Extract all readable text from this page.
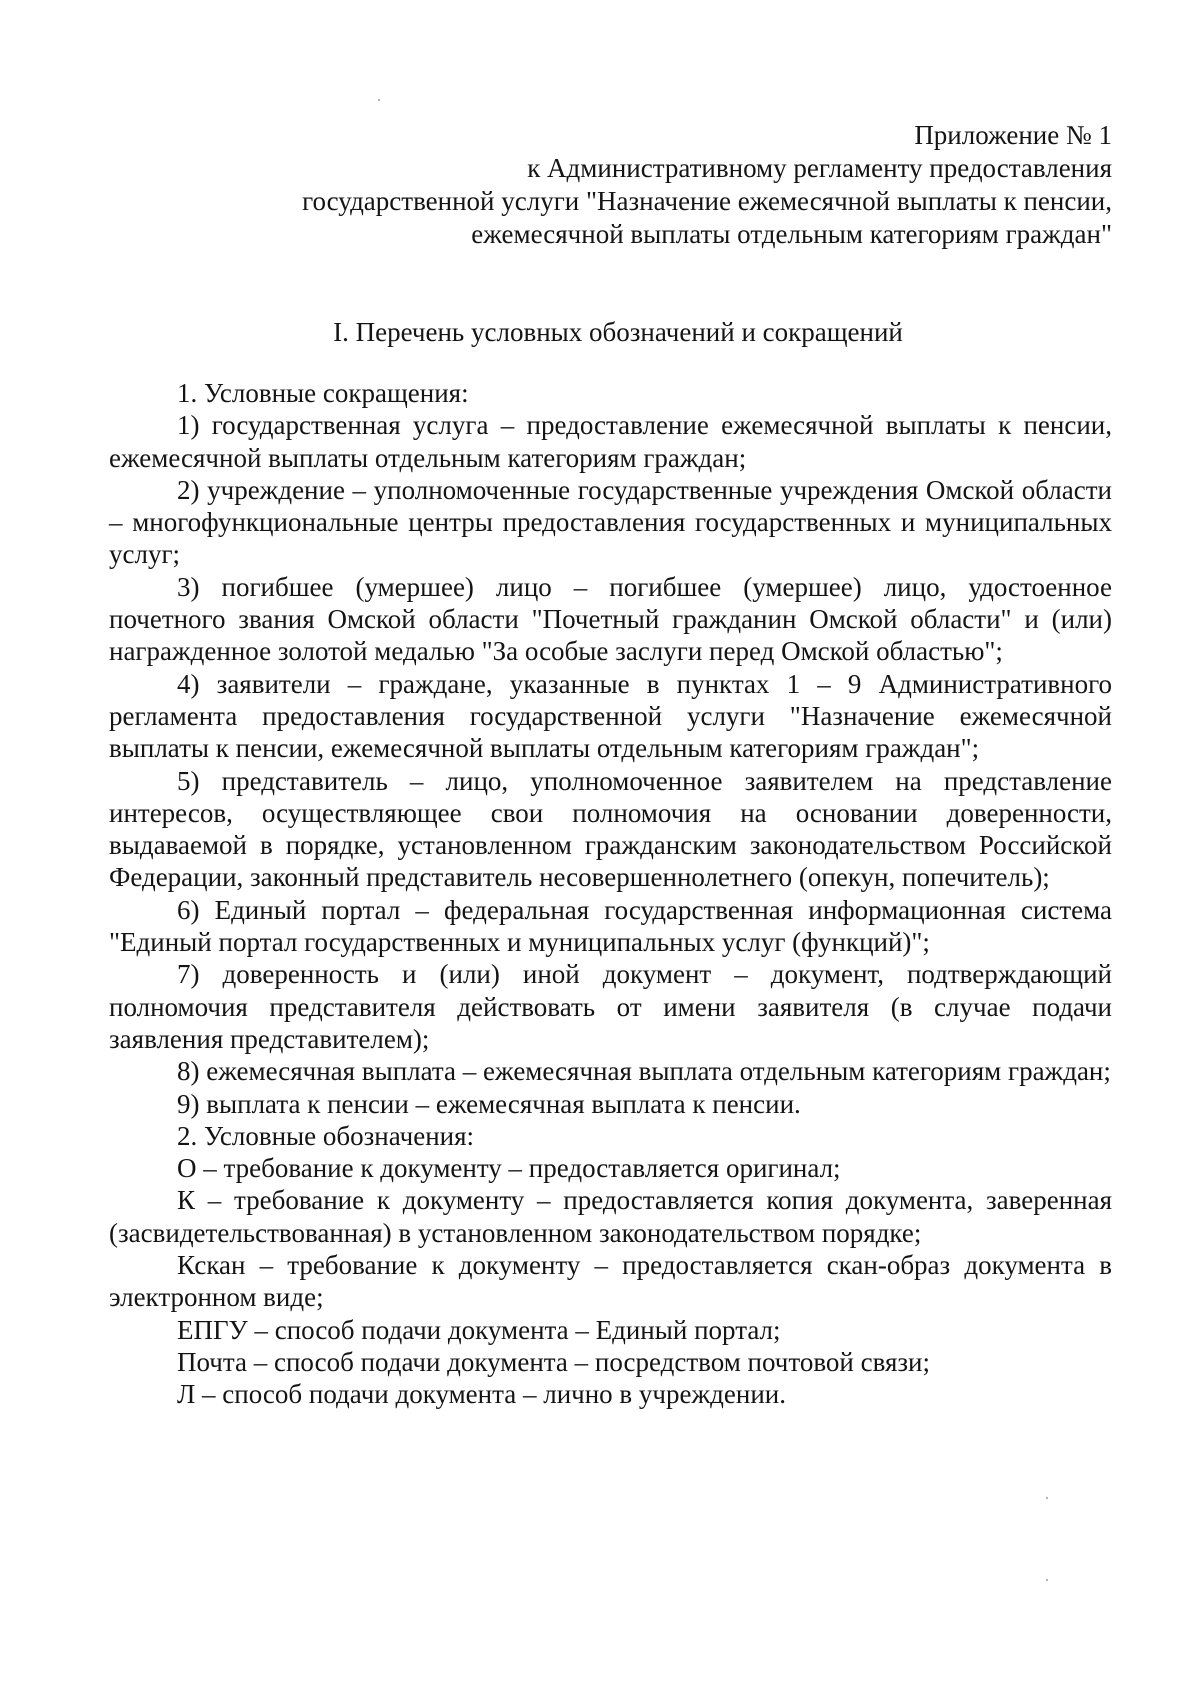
Приложение № 1
к Административному регламенту предоставления
государственной услуги "Назначение ежемесячной выплаты к пенсии,
ежемесячной выплаты отдельным категориям граждан"
I. Перечень условных обозначений и сокращений

1. Условные сокращения:

1) государственная услуга – предоставление ежемесячной выплаты к пенсии, ежемесячной выплаты отдельным категориям граждан;

2) учреждение – уполномоченные государственные учреждения Омской области – многофункциональные центры предоставления государственных и муниципальных услуг;

3) погибшее (умершее) лицо – погибшее (умершее) лицо, удостоенное почетного звания Омской области "Почетный гражданин Омской области" и (или) награжденное золотой медалью "За особые заслуги перед Омской областью";

4) заявители – граждане, указанные в пунктах 1 – 9 Административного регламента предоставления государственной услуги "Назначение ежемесячной выплаты к пенсии, ежемесячной выплаты отдельным категориям граждан";

5) представитель – лицо, уполномоченное заявителем на представление интересов, осуществляющее свои полномочия на основании доверенности, выдаваемой в порядке, установленном гражданским законодательством Российской Федерации, законный представитель несовершеннолетнего (опекун, попечитель);

6) Единый портал – федеральная государственная информационная система "Единый портал государственных и муниципальных услуг (функций)";

7) доверенность и (или) иной документ – документ, подтверждающий полномочия представителя действовать от имени заявителя (в случае подачи заявления представителем);

8) ежемесячная выплата – ежемесячная выплата отдельным категориям граждан;

9) выплата к пенсии – ежемесячная выплата к пенсии.

2. Условные обозначения:

О – требование к документу – предоставляется оригинал;

К – требование к документу – предоставляется копия документа, заверенная (засвидетельствованная) в установленном законодательством порядке;

Кскан – требование к документу – предоставляется скан-образ документа в электронном виде;

ЕПГУ – способ подачи документа – Единый портал;

Почта – способ подачи документа – посредством почтовой связи;

Л – способ подачи документа – лично в учреждении.
